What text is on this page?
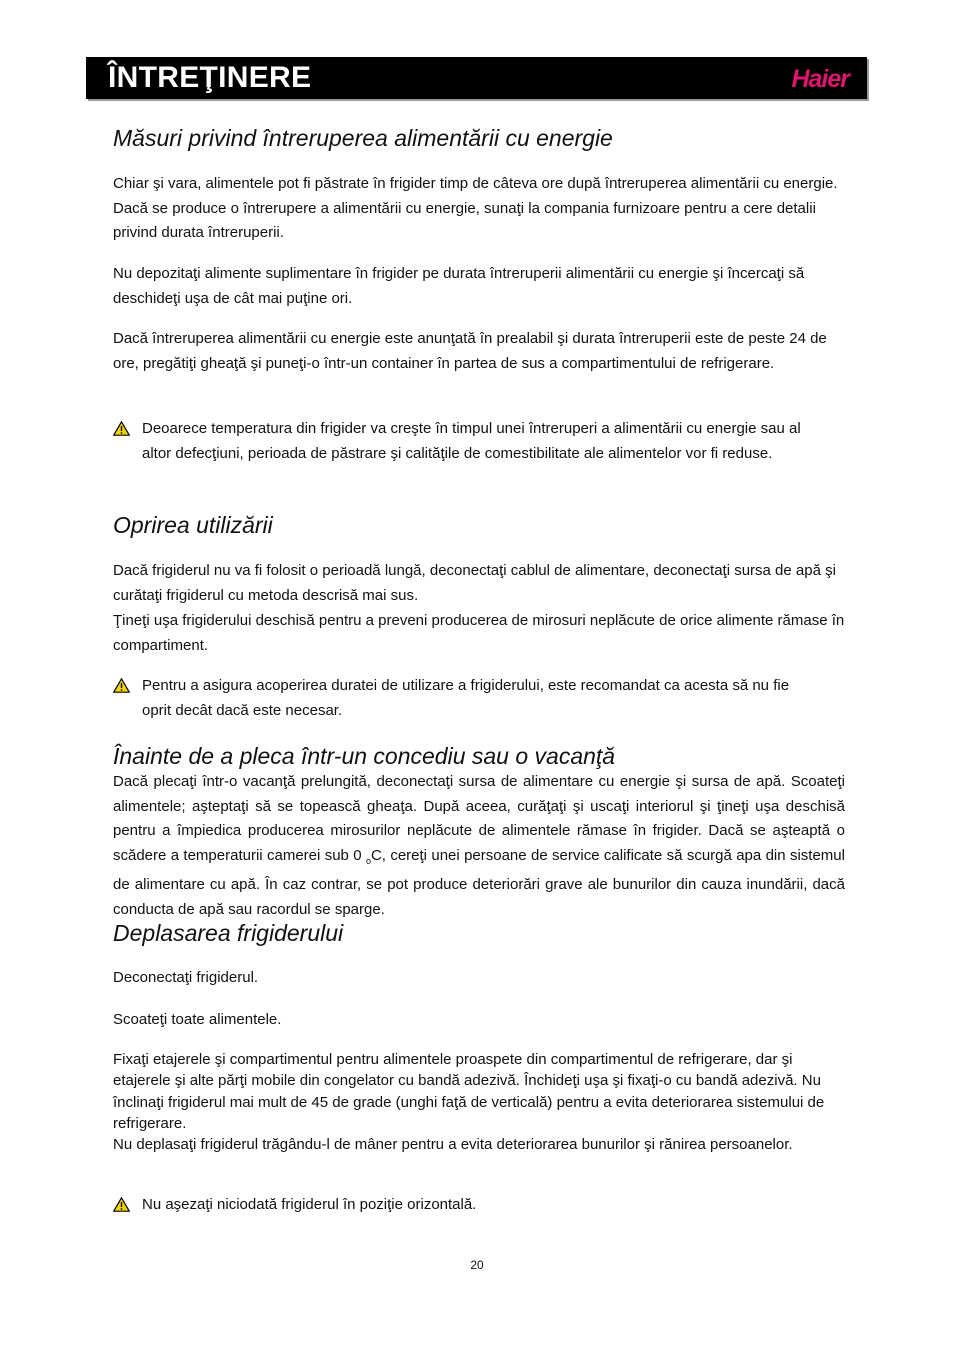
ÎNTREŢINERE	Haier
Măsuri privind întreruperea alimentării cu energie

Chiar şi vara, alimentele pot fi păstrate în frigider timp de câteva ore după întreruperea alimentării cu energie. Dacă se produce o întrerupere a alimentării cu energie, sunaţi la compania furnizoare pentru a cere detalii privind durata întreruperii.

Nu depozitaţi alimente suplimentare în frigider pe durata întreruperii alimentării cu energie şi încercaţi să deschideţi uşa de cât mai puţine ori.

Dacă întreruperea alimentării cu energie este anunţată în prealabil şi durata întreruperii este de peste 24 de ore, pregătiţi gheaţă şi puneţi-o într-un container în partea de sus a compartimentului de refrigerare.

Deoarece temperatura din frigider va creşte în timpul unei întreruperi a alimentării cu energie sau al altor defecţiuni, perioada de păstrare şi calităţile de comestibilitate ale alimentelor vor fi reduse.
Oprirea utilizării

Dacă frigiderul nu va fi folosit o perioadă lungă, deconectaţi cablul de alimentare, deconectaţi sursa de apă şi curătaţi frigiderul cu metoda descrisă mai sus.

Ţineţi uşa frigiderului deschisă pentru a preveni producerea de mirosuri neplăcute de orice alimente rămase în compartiment.

Pentru a asigura acoperirea duratei de utilizare a frigiderului, este recomandat ca acesta să nu fie oprit decât dacă este necesar.
Înainte de a pleca într-un concediu sau o vacanţă

Dacă plecaţi într-o vacanţă prelungită, deconectaţi sursa de alimentare cu energie şi sursa de apă. Scoateţi alimentele; aşteptaţi să se topească gheaţa. După aceea, curăţaţi şi uscaţi interiorul şi ţineţi uşa deschisă pentru a împiedica producerea mirosurilor neplăcute de alimentele rămase în frigider. Dacă se aşteaptă o scădere a temperaturii camerei sub 0 $_o$C, cereţi unei persoane de service calificate să scurgă apa din sistemul de alimentare cu apă. În caz contrar, se pot produce deteriorări grave ale bunurilor din cauza inundării, dacă conducta de apă sau racordul se sparge.

Deplasarea frigiderului

Deconectaţi frigiderul.

Scoateţi toate alimentele.

Fixaţi etajerele şi compartimentul pentru alimentele proaspete din compartimentul de refrigerare, dar şi etajerele şi alte părţi mobile din congelator cu bandă adezivă. Închideţi uşa şi fixaţi-o cu bandă adezivă. Nu înclinaţi frigiderul mai mult de 45 de grade (unghi faţă de verticală) pentru a evita deteriorarea sistemului de refrigerare.

Nu deplasaţi frigiderul trăgându-l de mâner pentru a evita deteriorarea bunurilor şi rănirea persoanelor.

Nu aşezaţi niciodată frigiderul în poziţie orizontală.
20
